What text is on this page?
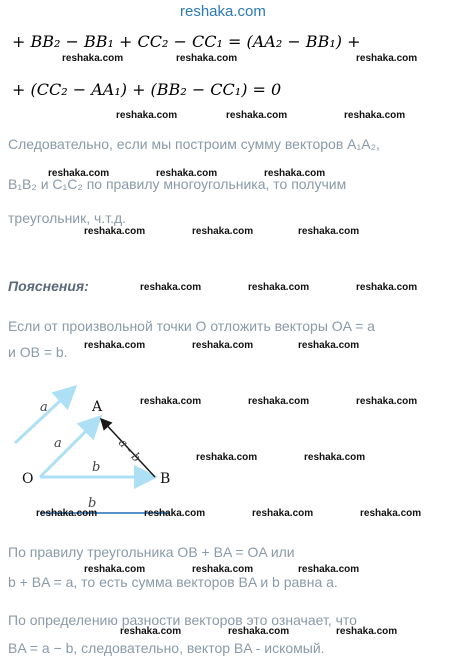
reshaka.com
+ BB₂ − BB₁ + CC₂ − CC₁ = (AA₂ − BB₁) +
+ (CC₂ − AA₁) + (BB₂ − CC₁) = 0
Следовательно, если мы построим сумму векторов A₁A₂,
B₁B₂ и C₁C₂ по правилу многоугольника, то получим
треугольник, ч.т.д.
Пояснения:
Если от произвольной точки O отложить векторы OA = a
и OB = b.
a
a
b
b
a - b
A
O	B
По правилу треугольника OB + BA = OA или
b + BA = a, то есть сумма векторов BA и b равна a.
По определению разности векторов это означает, что
BA = a − b, следовательно, вектор BA - искомый.
reshaka.com	reshaka.com	reshaka.com
reshaka.com	reshaka.com	reshaka.com
reshaka.com	reshaka.com	reshaka.com
reshaka.com	reshaka.com	reshaka.com
reshaka.com	reshaka.com	reshaka.com
reshaka.com	reshaka.com	reshaka.com
reshaka.com	reshaka.com	reshaka.com
reshaka.com	reshaka.com
reshaka.com	reshaka.com	reshaka.com	reshaka.com
reshaka.com	reshaka.com	reshaka.com
reshaka.com	reshaka.com	reshaka.com
